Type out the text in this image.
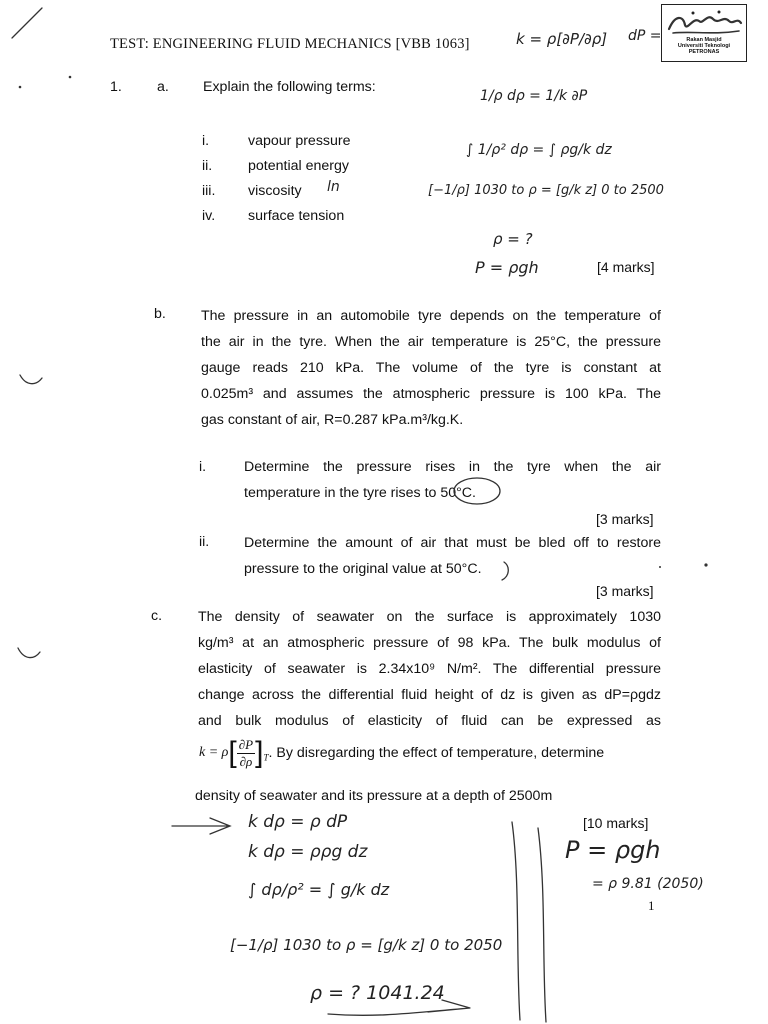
TEST: ENGINEERING FLUID MECHANICS [VBB 1063]	Rakan Masjid
Universiti Teknologi
PETRONAS
1. a. Explain the following terms:
i.	vapour pressure
ii.	potential energy
iii. viscosity
iv. surface tension
[4 marks]
b. The pressure in an automobile tyre depends on the temperature of
the air in the tyre. When the air temperature is 25°C, the pressure
gauge reads 210 kPa. The volume of the tyre is constant at
0.025m³ and assumes the atmospheric pressure is 100 kPa. The
gas constant of air, R=0.287 kPa.m³/kg.K.
i.	Determine the pressure rises in the tyre when the air
temperature in the tyre rises to 50°C.
[3 marks]
ii. Determine the amount of air that must be bled off to restore
pressure to the original value at 50°C.
[3 marks]
c.	The density of seawater on the surface is approximately 1030
kg/m³ at an atmospheric pressure of 98 kPa. The bulk modulus of
elasticity of seawater is 2.34x10⁹ N/m². The differential pressure
change across the differential fluid height of dz is given as dP=ρgdz
and bulk modulus of elasticity of fluid can be expressed as
$k = \rho[ \frac{\partial P}{\partial\rho} ]_T$. By disregarding the effect of temperature, determine
density of seawater and its pressure at a depth of 2500m
[10 marks]
1
k = ρ[∂P/∂ρ] dP =
1/ρ dρ = 1/k ∂P
∫ 1/ρ² dρ = ∫ ρg/k dz
[−1/ρ] 1030 to ρ = [g/k z] 0 to 2500
ρ = ?
P = ρgh
ln
k dρ = ρ dP
k dρ = ρρg dz
∫ dρ/ρ² = ∫ g/k dz
[−1/ρ] 1030 to ρ = [g/k z] 0 to 2050
ρ = ? 1041.24
P = ρgh
= ρ 9.81 (2050)
